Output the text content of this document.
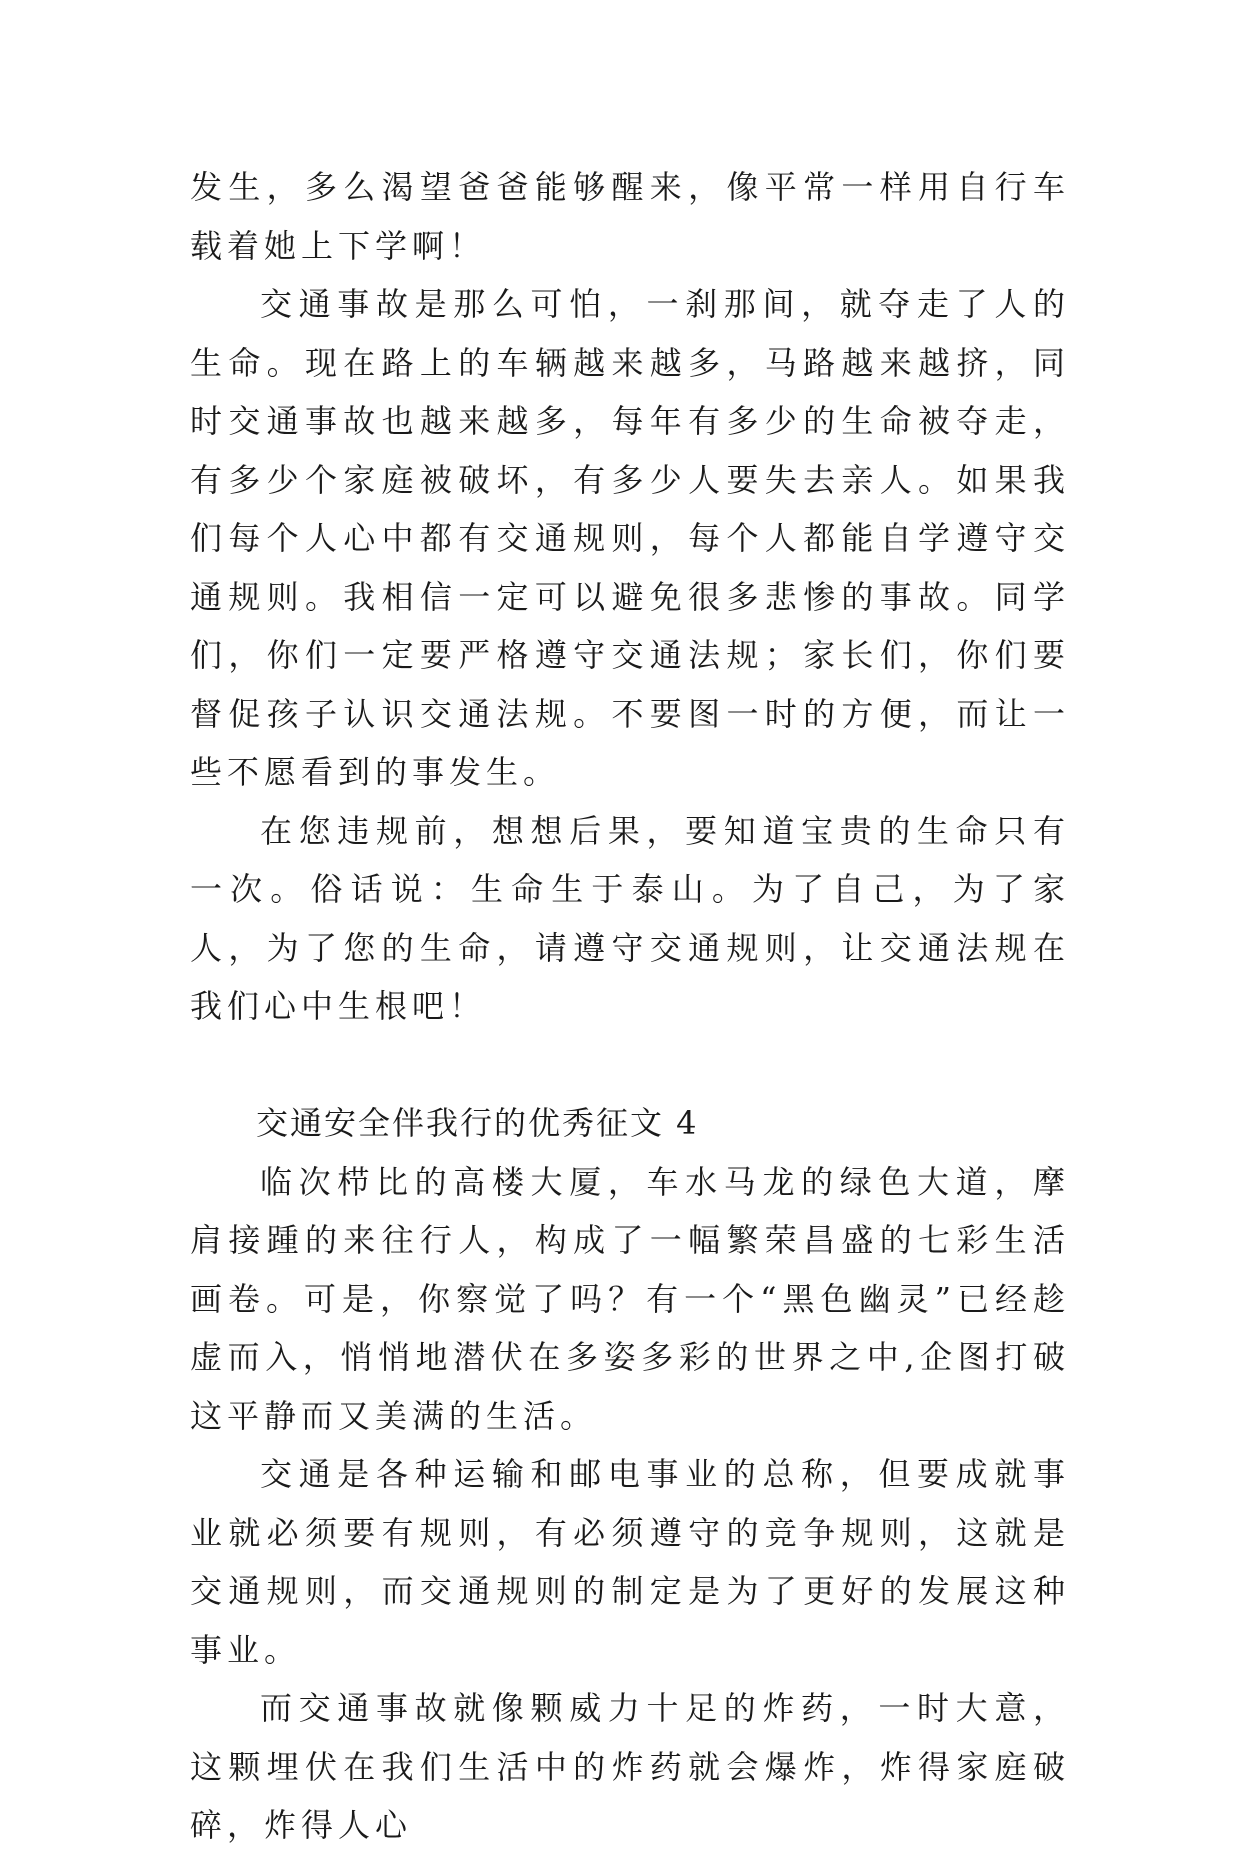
发生，多么渴望爸爸能够醒来，像平常一样用自行车载着她上下学啊！

交通事故是那么可怕，一刹那间，就夺走了人的生命。现在路上的车辆越来越多，马路越来越挤，同时交通事故也越来越多，每年有多少的生命被夺走，有多少个家庭被破坏，有多少人要失去亲人。如果我们每个人心中都有交通规则，每个人都能自学遵守交通规则。我相信一定可以避免很多悲惨的事故。同学们，你们一定要严格遵守交通法规；家长们，你们要督促孩子认识交通法规。不要图一时的方便，而让一些不愿看到的事发生。

在您违规前，想想后果，要知道宝贵的生命只有一次。俗话说：生命生于泰山。为了自己，为了家人，为了您的生命，请遵守交通规则，让交通法规在我们心中生根吧！

交通安全伴我行的优秀征文 4

临次栉比的高楼大厦，车水马龙的绿色大道，摩肩接踵的来往行人，构成了一幅繁荣昌盛的七彩生活画卷。可是，你察觉了吗？有一个“黑色幽灵”已经趁虚而入，悄悄地潜伏在多姿多彩的世界之中,企图打破这平静而又美满的生活。

交通是各种运输和邮电事业的总称，但要成就事业就必须要有规则，有必须遵守的竞争规则，这就是交通规则，而交通规则的制定是为了更好的发展这种事业。

而交通事故就像颗威力十足的炸药，一时大意，这颗埋伏在我们生活中的炸药就会爆炸，炸得家庭破碎，炸得人心
